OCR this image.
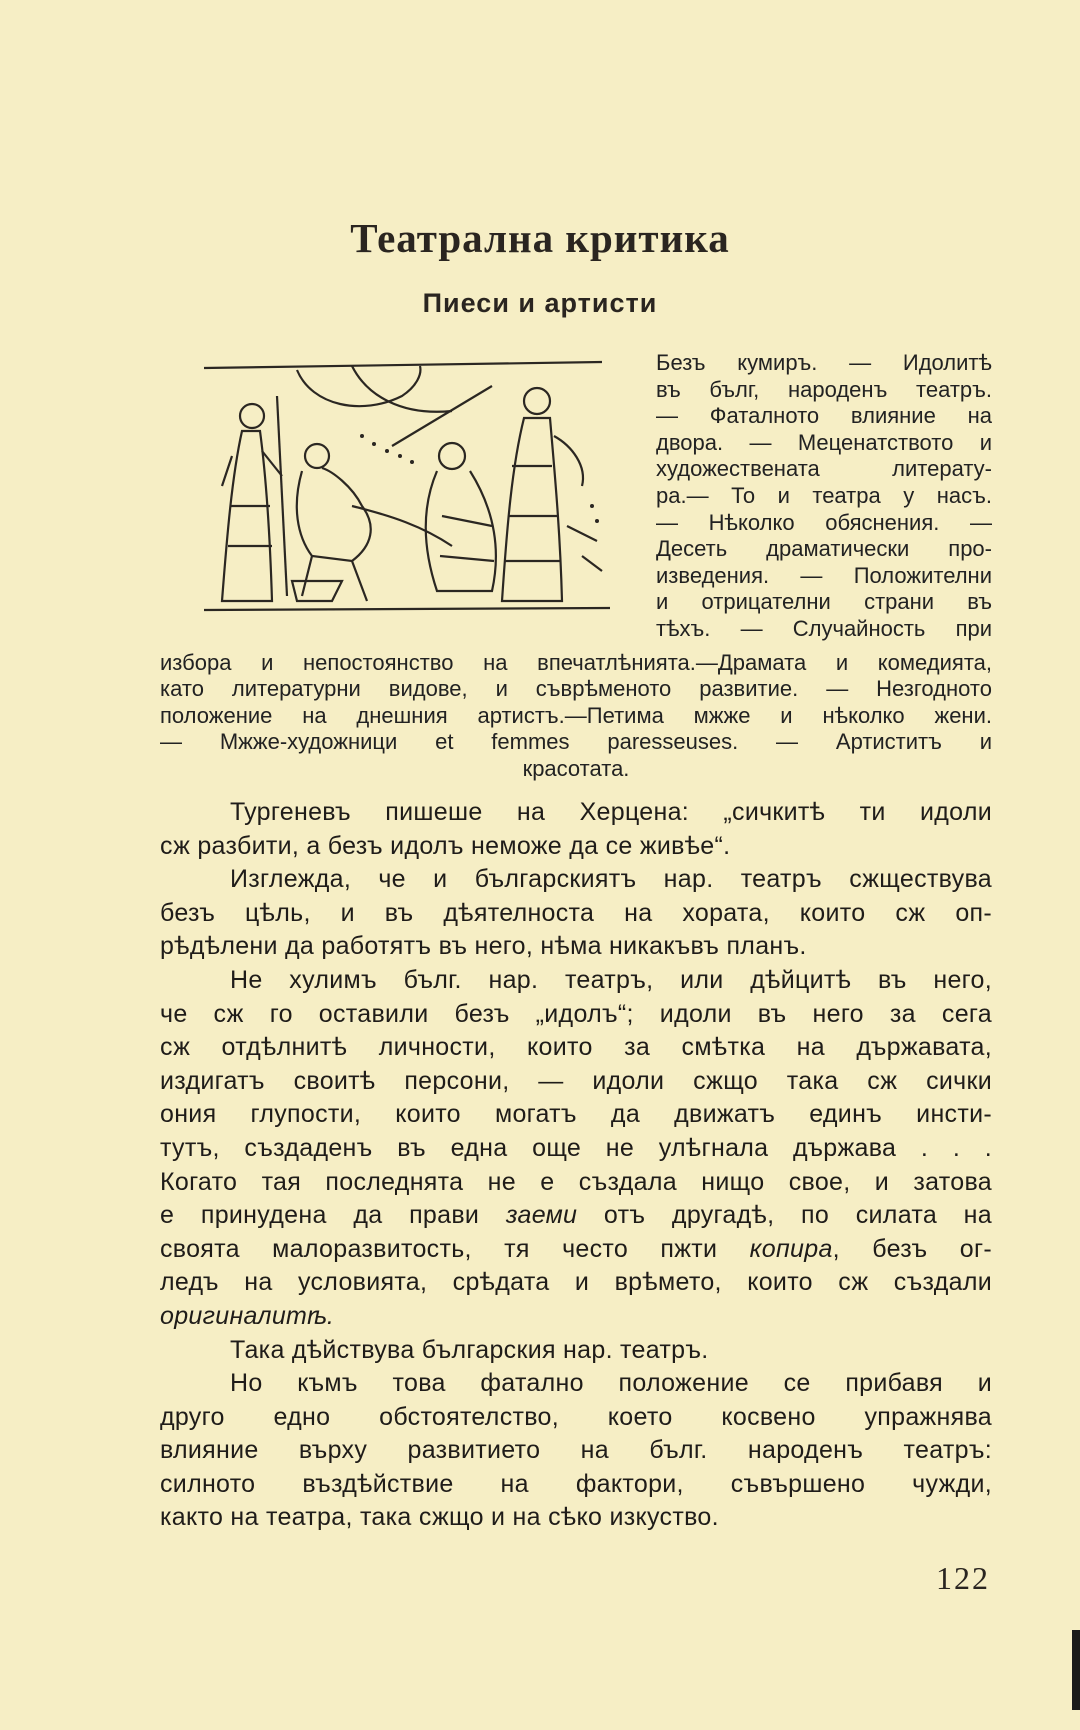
Театрална критика
Пиеси и артисти
Безъ кумиръ. — Идолитѣ
въ бълг, народенъ театръ.
— Фаталното влияние на
двора. — Меценатството и
художествената литерату-
ра.— То и театра у насъ.
— Нѣколко обяснения. —
Десеть драматически про-
изведения. — Положителни
и отрицателни страни въ
тѣхъ. — Случайность при
избора и непостоянство на впечатлѣнията.—Драмата и комедията,
като литературни видове, и съврѣменото развитие. — Незгодното
положение на днешния артистъ.—Петима мжже и нѣколко жени.
— Мжже-художници et femmes paresseuses. — Артиститъ и
красотата.

Тургеневъ пишеше на Херцена: „сичкитѣ ти идоли
сж разбити, а безъ идолъ неможе да се живѣе“.

Изглежда, че и българскиятъ нар. театръ сжществува
безъ цѣль, и въ дѣятелноста на хората, които сж оп-
рѣдѣлени да работятъ въ него, нѣма никакъвъ планъ.

Не хулимъ бълг. нар. театръ, или дѣйцитѣ въ него,
че сж го оставили безъ „идолъ“; идоли въ него за сега
сж отдѣлнитѣ личности, които за смѣтка на държавата,
издигатъ своитѣ персони, — идоли сжщо така сж сички
ония глупости, които могатъ да движатъ единъ инсти-
тутъ, създаденъ въ една още не улѣгнала държава . . .
Когато тая последнята не е създала нищо свое, и затова
е принудена да прави заеми отъ другадѣ, по силата на
своята малоразвитость, тя често пжти копира, безъ ог-
ледъ на условията, срѣдата и врѣмето, които сж създали
оригиналитѣ.

Така дѣйствува българския нар. театръ.

Но къмъ това фатално положение се прибавя и
друго едно обстоятелство, което косвено упражнява
влияние върху развитието на бълг. народенъ театръ:
силното въздѣйствие на фактори, съвършено чужди,
както на театра, така сжщо и на сѣко изкуство.

122
